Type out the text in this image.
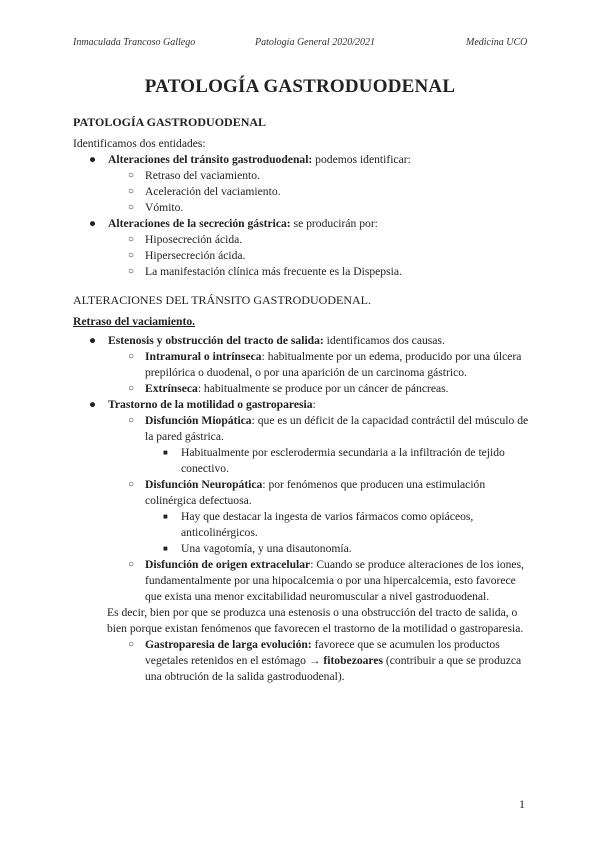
Inmaculada Trancoso Gallego	Patología General 2020/2021	Medicina UCO
PATOLOGÍA GASTRODUODENAL
PATOLOGÍA GASTRODUODENAL

Identificamos dos entidades:

● Alteraciones del tránsito gastroduodenal: podemos identificar:
○ Retraso del vaciamiento.
○ Aceleración del vaciamiento.
○ Vómito.
● Alteraciones de la secreción gástrica: se producirán por:
○ Hiposecreción ácida.
○ Hipersecreción ácida.
○ La manifestación clínica más frecuente es la Dispepsia.
ALTERACIONES DEL TRÁNSITO GASTRODUODENAL.
Retraso del vaciamiento.
● Estenosis y obstrucción del tracto de salida: identificamos dos causas.
○ Intramural o intrínseca: habitualmente por un edema, producido por una úlcera prepilórica o duodenal, o por una aparición de un carcinoma gástrico.
○ Extrínseca: habitualmente se produce por un cáncer de páncreas.
● Trastorno de la motilidad o gastroparesia:
○ Disfunción Miopática: que es un déficit de la capacidad contráctil del músculo de la pared gástrica.
■ Habitualmente por esclerodermia secundaria a la infiltración de tejido conectivo.
○ Disfunción Neuropática: por fenómenos que producen una estimulación colinérgica defectuosa.
■ Hay que destacar la ingesta de varios fármacos como opiáceos, anticolinérgicos.
■ Una vagotomía, y una disautonomía.
○ Disfunción de origen extracelular: Cuando se produce alteraciones de los iones, fundamentalmente por una hipocalcemia o por una hipercalcemia, esto favorece que exista una menor excitabilidad neuromuscular a nivel gastroduodenal.

Es decir, bien por que se produzca una estenosis o una obstrucción del tracto de salida, o bien porque existan fenómenos que favorecen el trastorno de la motilidad o gastroparesia.

○ Gastroparesia de larga evolución: favorece que se acumulen los productos vegetales retenidos en el estómago → fitobezoares (contribuir a que se produzca una obtrución de la salida gastroduodenal).
1
